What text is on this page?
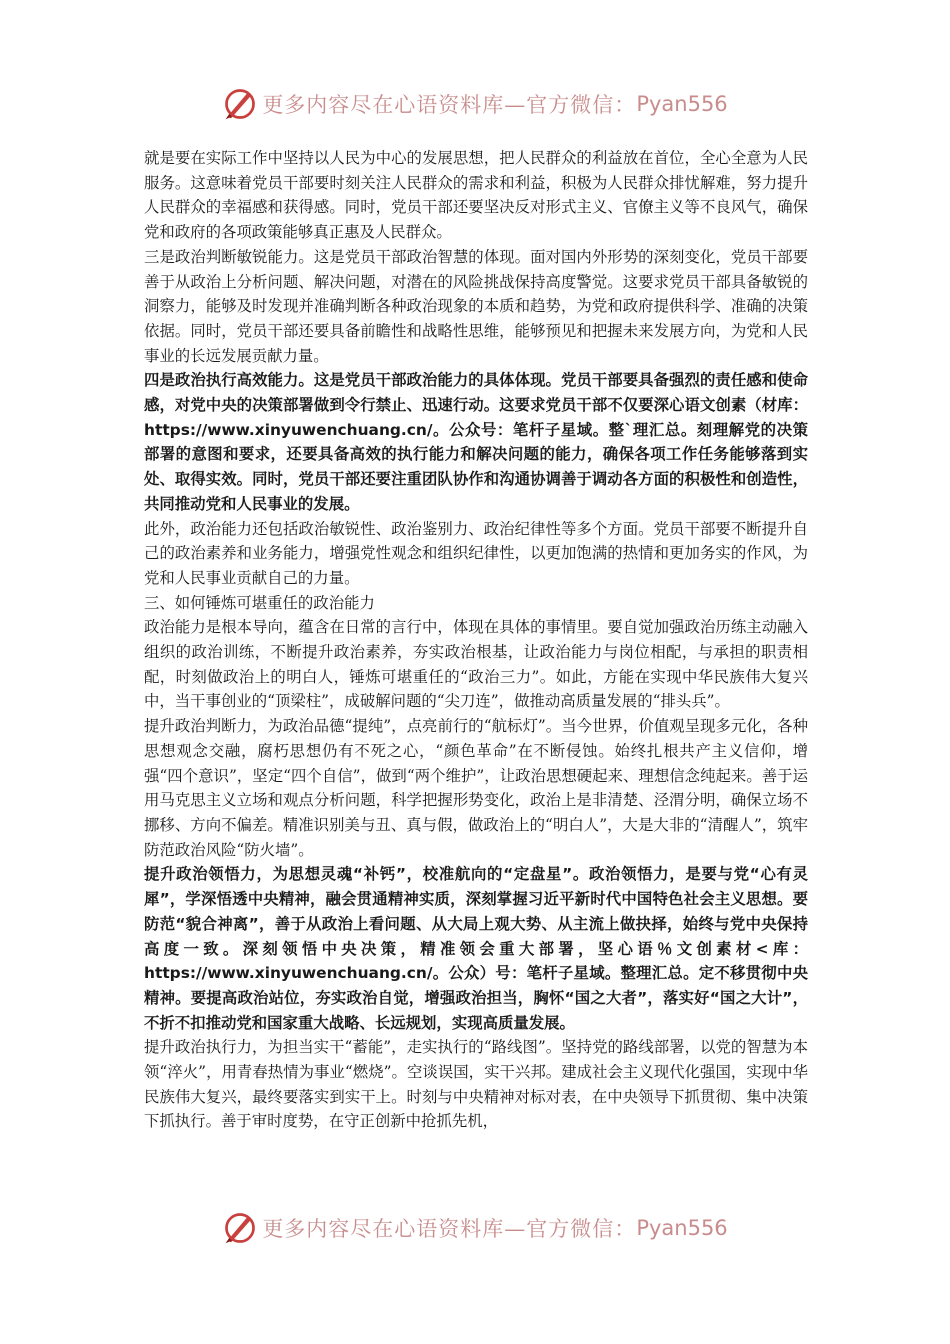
更多内容尽在心语资料库—官方微信： Pyan556

就是要在实际工作中坚持以人民为中心的发展思想，把人民群众的利益放在首位，全心全意为人民服务。这意味着党员干部要时刻关注人民群众的需求和利益，积极为人民群众排忧解难，努力提升人民群众的幸福感和获得感。同时，党员干部还要坚决反对形式主义、官僚主义等不良风气，确保党和政府的各项政策能够真正惠及人民群众。

三是政治判断敏锐能力。这是党员干部政治智慧的体现。面对国内外形势的深刻变化，党员干部要善于从政治上分析问题、解决问题，对潜在的风险挑战保持高度警觉。这要求党员干部具备敏锐的洞察力，能够及时发现并准确判断各种政治现象的本质和趋势，为党和政府提供科学、准确的决策依据。同时，党员干部还要具备前瞻性和战略性思维，能够预见和把握未来发展方向，为党和人民事业的长远发展贡献力量。

四是政治执行高效能力。这是党员干部政治能力的具体体现。党员干部要具备强烈的责任感和使命感，对党中央的决策部署做到令行禁止、迅速行动。这要求党员干部不仅要深心语文创素（材库：https://www.xinyuwenchuang.cn/。公众号：笔杆子星域。整`理汇总。刻理解党的决策部署的意图和要求，还要具备高效的执行能力和解决问题的能力，确保各项工作任务能够落到实处、取得实效。同时，党员干部还要注重团队协作和沟通协调善于调动各方面的积极性和创造性，共同推动党和人民事业的发展。

此外，政治能力还包括政治敏锐性、政治鉴别力、政治纪律性等多个方面。党员干部要不断提升自己的政治素养和业务能力，增强党性观念和组织纪律性，以更加饱满的热情和更加务实的作风，为党和人民事业贡献自己的力量。

三、如何锤炼可堪重任的政治能力

政治能力是根本导向，蕴含在日常的言行中，体现在具体的事情里。要自觉加强政治历练主动融入组织的政治训练，不断提升政治素养，夯实政治根基，让政治能力与岗位相配，与承担的职责相配，时刻做政治上的明白人，锤炼可堪重任的“政治三力”。如此，方能在实现中华民族伟大复兴中，当干事创业的“顶梁柱”，成破解问题的“尖刀连”，做推动高质量发展的“排头兵”。

提升政治判断力，为政治品德“提纯”，点亮前行的“航标灯”。当今世界，价值观呈现多元化，各种思想观念交融，腐朽思想仍有不死之心，“颜色革命”在不断侵蚀。始终扎根共产主义信仰，增强“四个意识”，坚定“四个自信”，做到“两个维护”，让政治思想硬起来、理想信念纯起来。善于运用马克思主义立场和观点分析问题，科学把握形势变化，政治上是非清楚、泾渭分明，确保立场不挪移、方向不偏差。精准识别美与丑、真与假，做政治上的“明白人”，大是大非的“清醒人”，筑牢防范政治风险“防火墙”。

提升政治领悟力，为思想灵魂“补钙”，校准航向的“定盘星”。政治领悟力，是要与党“心有灵犀”，学深悟透中央精神，融会贯通精神实质，深刻掌握习近平新时代中国特色社会主义思想。要防范“貌合神离”，善于从政治上看问题、从大局上观大势、从主流上做抉择，始终与党中央保持高度一致。深刻领悟中央决策，精准领会重大部署，坚心语％文创素材<库：https://www.xinyuwenchuang.cn/。公众）号：笔杆子星域。整理汇总。定不移贯彻中央精神。要提高政治站位，夯实政治自觉，增强政治担当，胸怀“国之大者”，落实好“国之大计”，不折不扣推动党和国家重大战略、长远规划，实现高质量发展。

提升政治执行力，为担当实干“蓄能”，走实执行的“路线图”。坚持党的路线部署，以党的智慧为本领“淬火”，用青春热情为事业“燃烧”。空谈误国，实干兴邦。建成社会主义现代化强国，实现中华民族伟大复兴，最终要落实到实干上。时刻与中央精神对标对表，在中央领导下抓贯彻、集中决策下抓执行。善于审时度势，在守正创新中抢抓先机，

更多内容尽在心语资料库—官方微信： Pyan556
